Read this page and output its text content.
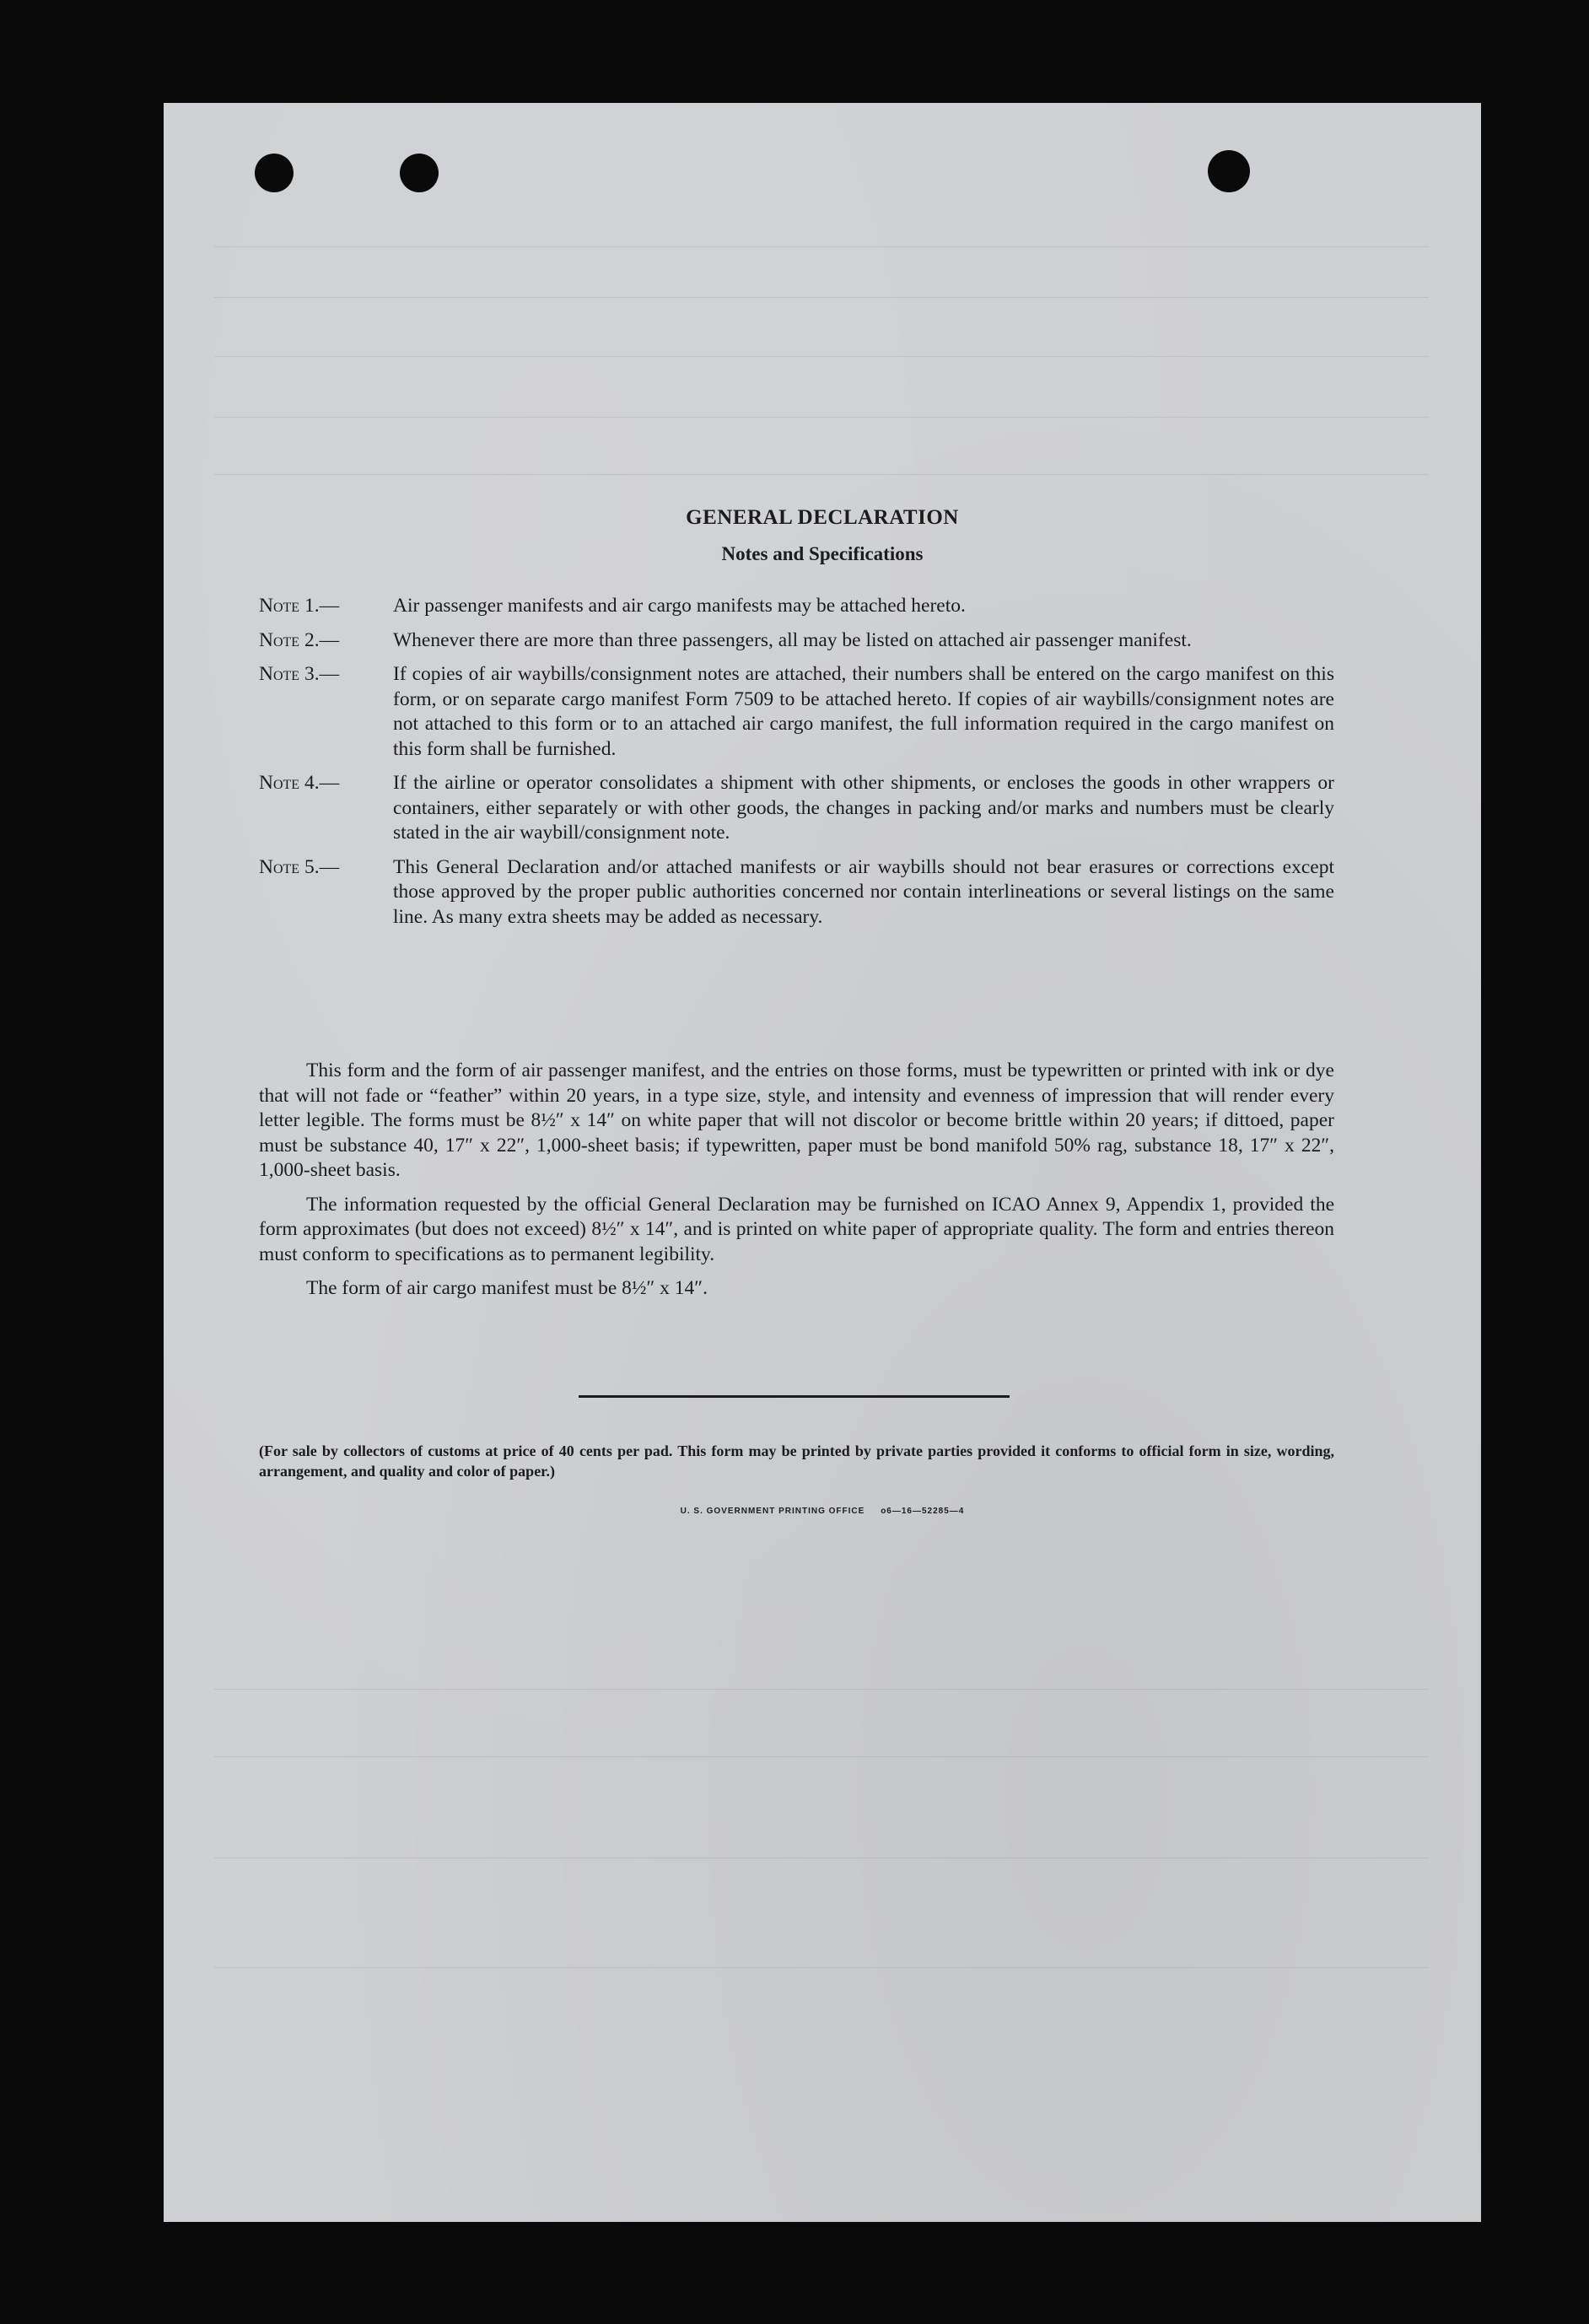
GENERAL DECLARATION
Notes and Specifications
Note 1.—	Air passenger manifests and air cargo manifests may be attached hereto.
Note 2.—	Whenever there are more than three passengers, all may be listed on attached air passenger manifest.
Note 3.—	If copies of air waybills/consignment notes are attached, their numbers shall be entered on the cargo manifest on this form, or on separate cargo manifest Form 7509 to be attached hereto. If copies of air waybills/consignment notes are not attached to this form or to an attached air cargo manifest, the full information required in the cargo manifest on this form shall be furnished.
Note 4.—	If the airline or operator consolidates a shipment with other shipments, or encloses the goods in other wrappers or containers, either separately or with other goods, the changes in packing and/or marks and numbers must be clearly stated in the air waybill/consignment note.
Note 5.—	This General Declaration and/or attached manifests or air waybills should not bear erasures or corrections except those approved by the proper public authorities concerned nor contain interlineations or several listings on the same line. As many extra sheets may be added as necessary.

This form and the form of air passenger manifest, and the entries on those forms, must be typewritten or printed with ink or dye that will not fade or “feather” within 20 years, in a type size, style, and intensity and evenness of impression that will render every letter legible. The forms must be 8½″ x 14″ on white paper that will not discolor or become brittle within 20 years; if dittoed, paper must be substance 40, 17″ x 22″, 1,000-sheet basis; if typewritten, paper must be bond manifold 50% rag, substance 18, 17″ x 22″, 1,000-sheet basis.

The information requested by the official General Declaration may be furnished on ICAO Annex 9, Appendix 1, provided the form approximates (but does not exceed) 8½″ x 14″, and is printed on white paper of appropriate quality. The form and entries thereon must conform to specifications as to permanent legibility.

The form of air cargo manifest must be 8½″ x 14″.

(For sale by collectors of customs at price of 40 cents per pad. This form may be printed by private parties provided it conforms to official form in size, wording, arrangement, and quality and color of paper.)
U. S. GOVERNMENT PRINTING OFFICE     o6—16—52285—4
